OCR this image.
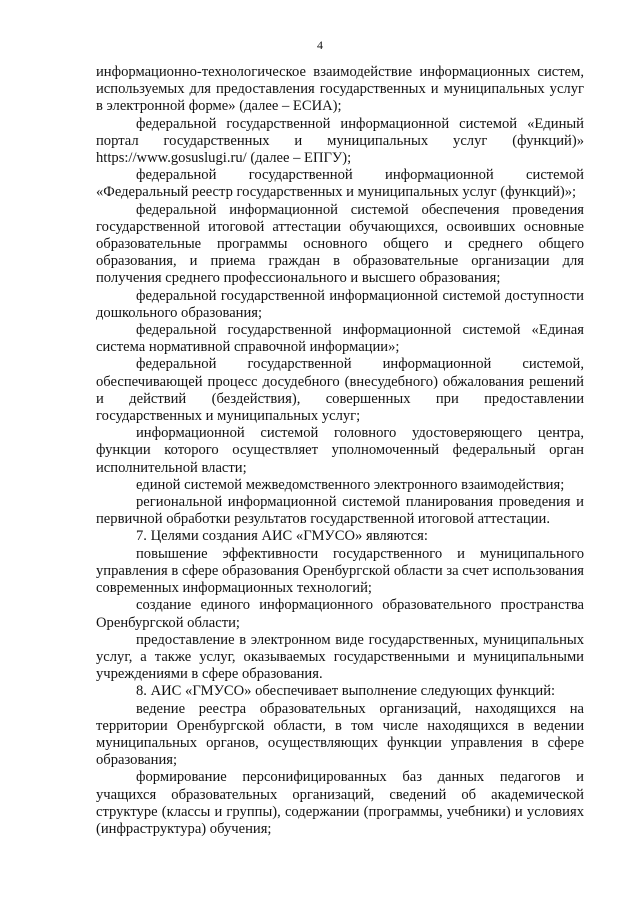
4

информационно-технологическое взаимодействие информационных систем, используемых для предоставления государственных и муниципальных услуг в электронной форме» (далее – ЕСИА);

федеральной государственной информационной системой «Единый портал государственных и муниципальных услуг (функций)» https://www.gosuslugi.ru/ (далее – ЕПГУ);

федеральной государственной информационной системой «Федеральный реестр государственных и муниципальных услуг (функций)»;

федеральной информационной системой обеспечения проведения государственной итоговой аттестации обучающихся, освоивших основные образовательные программы основного общего и среднего общего образования, и приема граждан в образовательные организации для получения среднего профессионального и высшего образования;

федеральной государственной информационной системой доступности дошкольного образования;

федеральной государственной информационной системой «Единая система нормативной справочной информации»;

федеральной государственной информационной системой, обеспечивающей процесс досудебного (внесудебного) обжалования решений и действий (бездействия), совершенных при предоставлении государственных и муниципальных услуг;

информационной системой головного удостоверяющего центра, функции которого осуществляет уполномоченный федеральный орган исполнительной власти;

единой системой межведомственного электронного взаимодействия;

региональной информационной системой планирования проведения и первичной обработки результатов государственной итоговой аттестации.

7. Целями создания АИС «ГМУСО» являются:

повышение эффективности государственного и муниципального управления в сфере образования Оренбургской области за счет использования современных информационных технологий;

создание единого информационного образовательного пространства Оренбургской области;

предоставление в электронном виде государственных, муниципальных услуг, а также услуг, оказываемых государственными и муниципальными учреждениями в сфере образования.

8. АИС «ГМУСО» обеспечивает выполнение следующих функций:

ведение реестра образовательных организаций, находящихся на территории Оренбургской области, в том числе находящихся в ведении муниципальных органов, осуществляющих функции управления в сфере образования;

формирование персонифицированных баз данных педагогов и учащихся образовательных организаций, сведений об академической структуре (классы и группы), содержании (программы, учебники) и условиях (инфраструктура) обучения;
